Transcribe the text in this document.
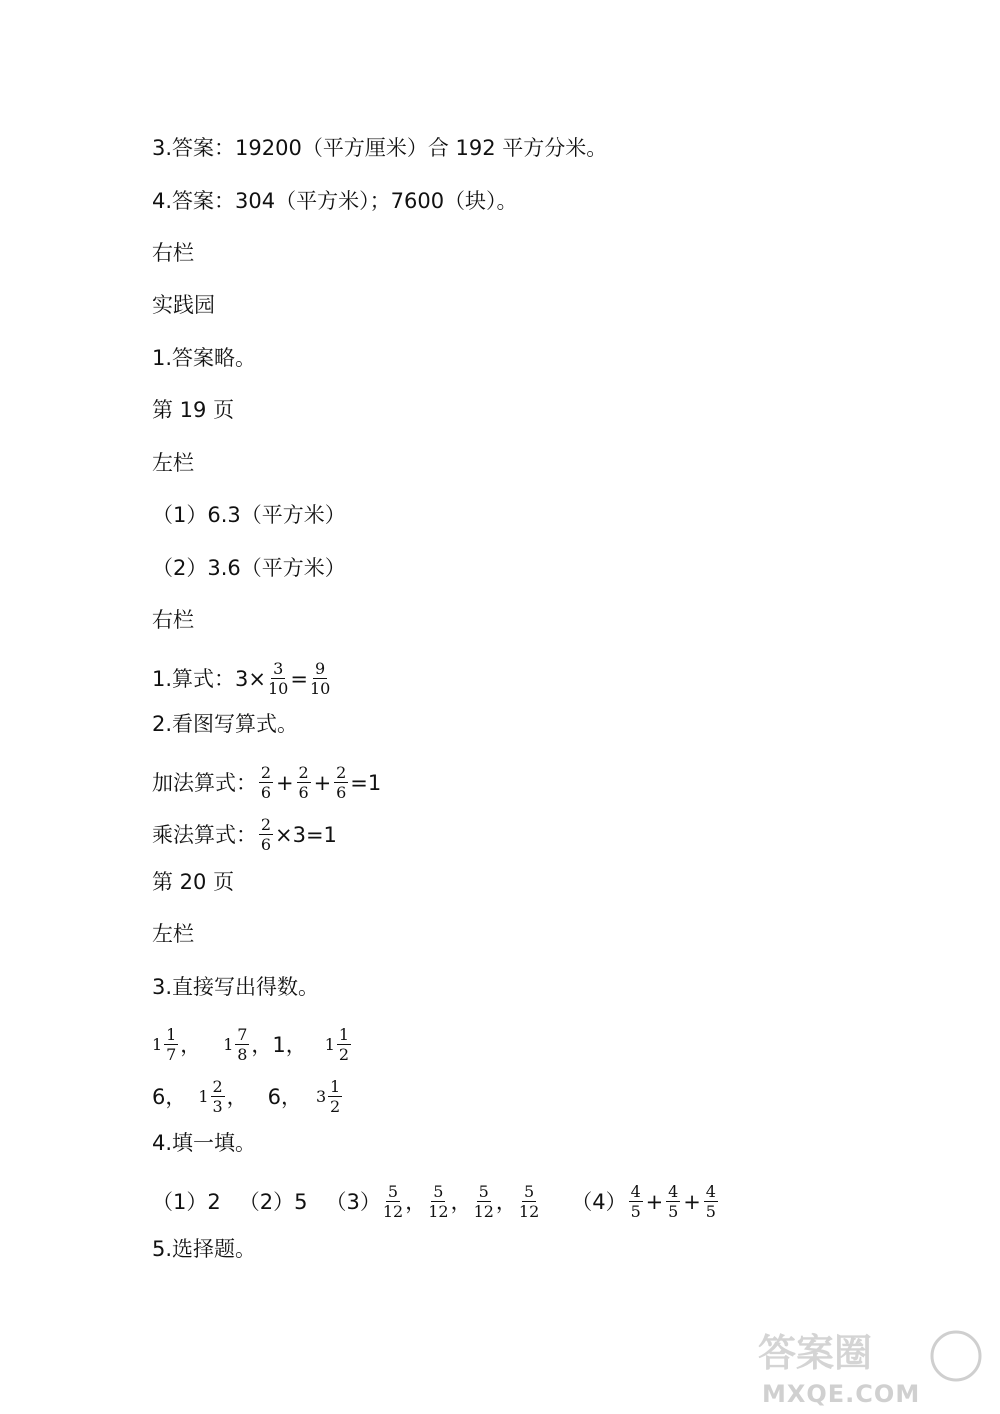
3.答案：19200（平方厘米）合 192 平方分米。
4.答案：304（平方米）；7600（块）。
右栏
实践园
1.答案略。
第 19 页
左栏
（1）6.3（平方米）
（2）3.6（平方米）
右栏
1.算式：$3\times \frac{3}{10} = \frac{9}{10}$
2.看图写算式。
加法算式： $\frac{2}{6} + \frac{2}{6} + \frac{2}{6} =1$
乘法算式： $\frac{2}{6} \times 3=1$
第 20 页
左栏
3.直接写出得数。
$1 \frac{1}{7}$ ， $1 \frac{7}{8}$ ， 1 ， $1 \frac{1}{2}$
6 ， $1 \frac{2}{3}$ ， 6 ， $3 \frac{1}{2}$
4.填一填。
（1）2 （2）5 $(3) \frac{5}{12}$ ， $\frac{5}{12}$ ， $\frac{5}{12}$ ， $\frac{5}{12} (4) \frac{4}{5} + \frac{4}{5} + \frac{4}{5}$
5.选择题。
答案圈
MXQE.COM
